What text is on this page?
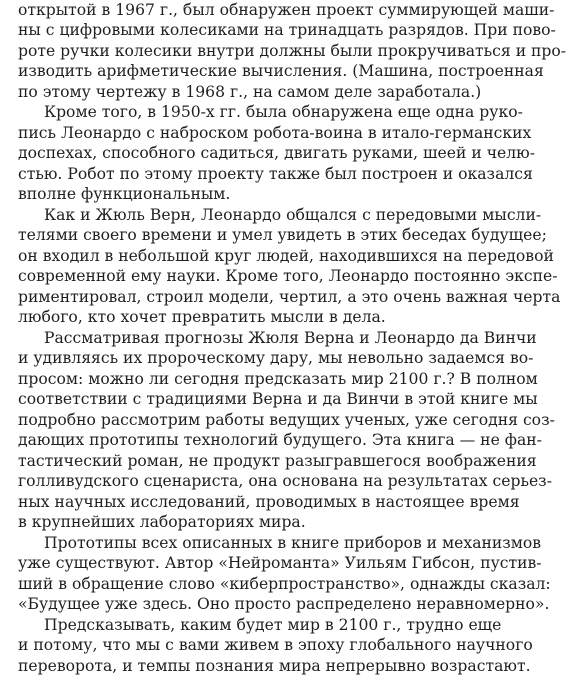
открытой в 1967 г., был обнаружен проект суммирующей маши-
ны с цифровыми колесиками на тринадцать разрядов. При пово-
роте ручки колесики внутри должны были прокручиваться и про-
изводить арифметические вычисления. (Машина, построенная
по этому чертежу в 1968 г., на самом деле заработала.)
Кроме того, в 1950-х гг. была обнаружена еще одна руко-
пись Леонардо с наброском робота-воина в итало-германских
доспехах, способного садиться, двигать руками, шеей и челю-
стью. Робот по этому проекту также был построен и оказался
вполне функциональным.
Как и Жюль Верн, Леонардо общался с передовыми мысли-
телями своего времени и умел увидеть в этих беседах будущее;
он входил в небольшой круг людей, находившихся на передовой
современной ему науки. Кроме того, Леонардо постоянно экспе-
риментировал, строил модели, чертил, а это очень важная черта
любого, кто хочет превратить мысли в дела.
Рассматривая прогнозы Жюля Верна и Леонардо да Винчи
и удивляясь их пророческому дару, мы невольно задаемся во-
просом: можно ли сегодня предсказать мир 2100 г.? В полном
соответствии с традициями Верна и да Винчи в этой книге мы
подробно рассмотрим работы ведущих ученых, уже сегодня соз-
дающих прототипы технологий будущего. Эта книга — не фан-
тастический роман, не продукт разыгравшегося воображения
голливудского сценариста, она основана на результатах серьез-
ных научных исследований, проводимых в настоящее время
в крупнейших лабораториях мира.
Прототипы всех описанных в книге приборов и механизмов
уже существуют. Автор «Нейроманта» Уильям Гибсон, пустив-
ший в обращение слово «киберпространство», однажды сказал:
«Будущее уже здесь. Оно просто распределено неравномерно».
Предсказывать, каким будет мир в 2100 г., трудно еще
и потому, что мы с вами живем в эпоху глобального научного
переворота, и темпы познания мира непрерывно возрастают.
